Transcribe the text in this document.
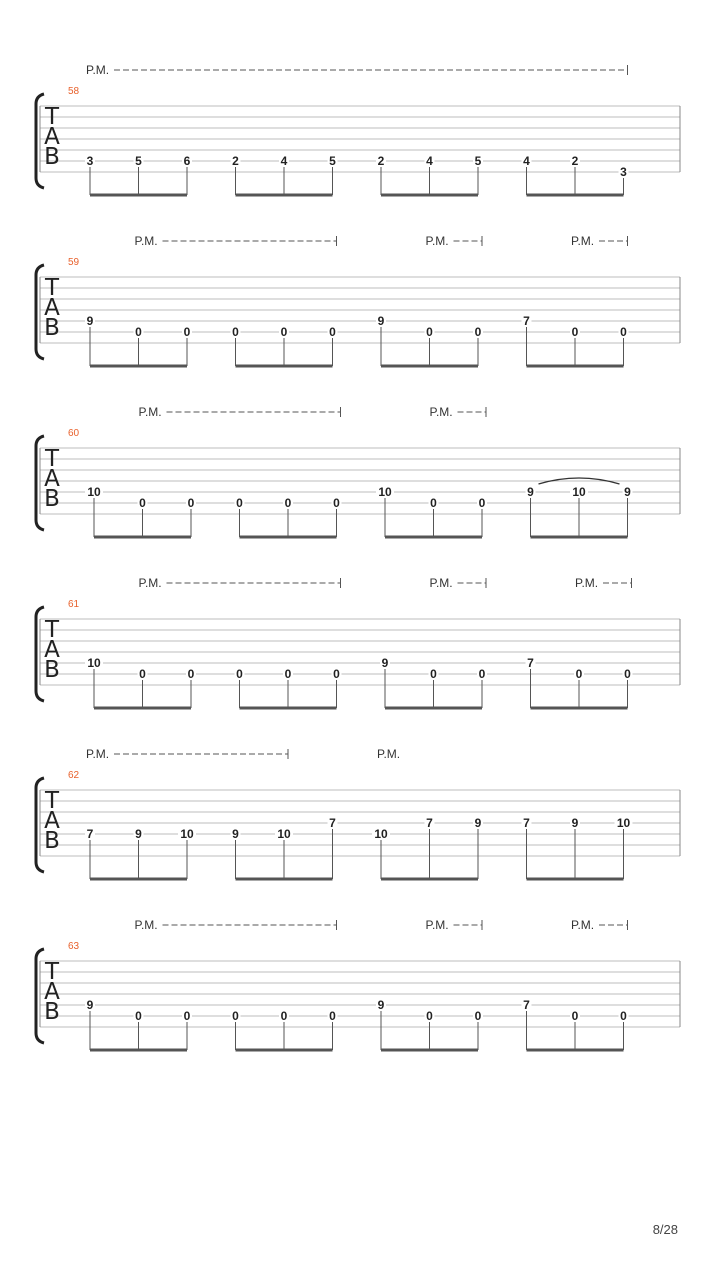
T
A
B
58
P.M.
3	5	6	2	4	5	2	4	5	4	2
3
T
A
B
59
P.M.	P.M.	P.M.
9
0	0	0	0	0
9
0	0
7
0	0
T
A
B
60
P.M.	P.M.
10
0	0	0	0	0
10
0	0
9	10	9
T
A
B
61
P.M.	P.M.	P.M.
10
0	0	0	0	0
9
0	0
7
0	0
T
A
B
62
P.M.	P.M.
7	9	10	9	10
7
10
7	9	7	9	10
T
A
B
63
P.M.	P.M.	P.M.
9
0	0	0	0	0
9
0	0
7
0	0
8/28
